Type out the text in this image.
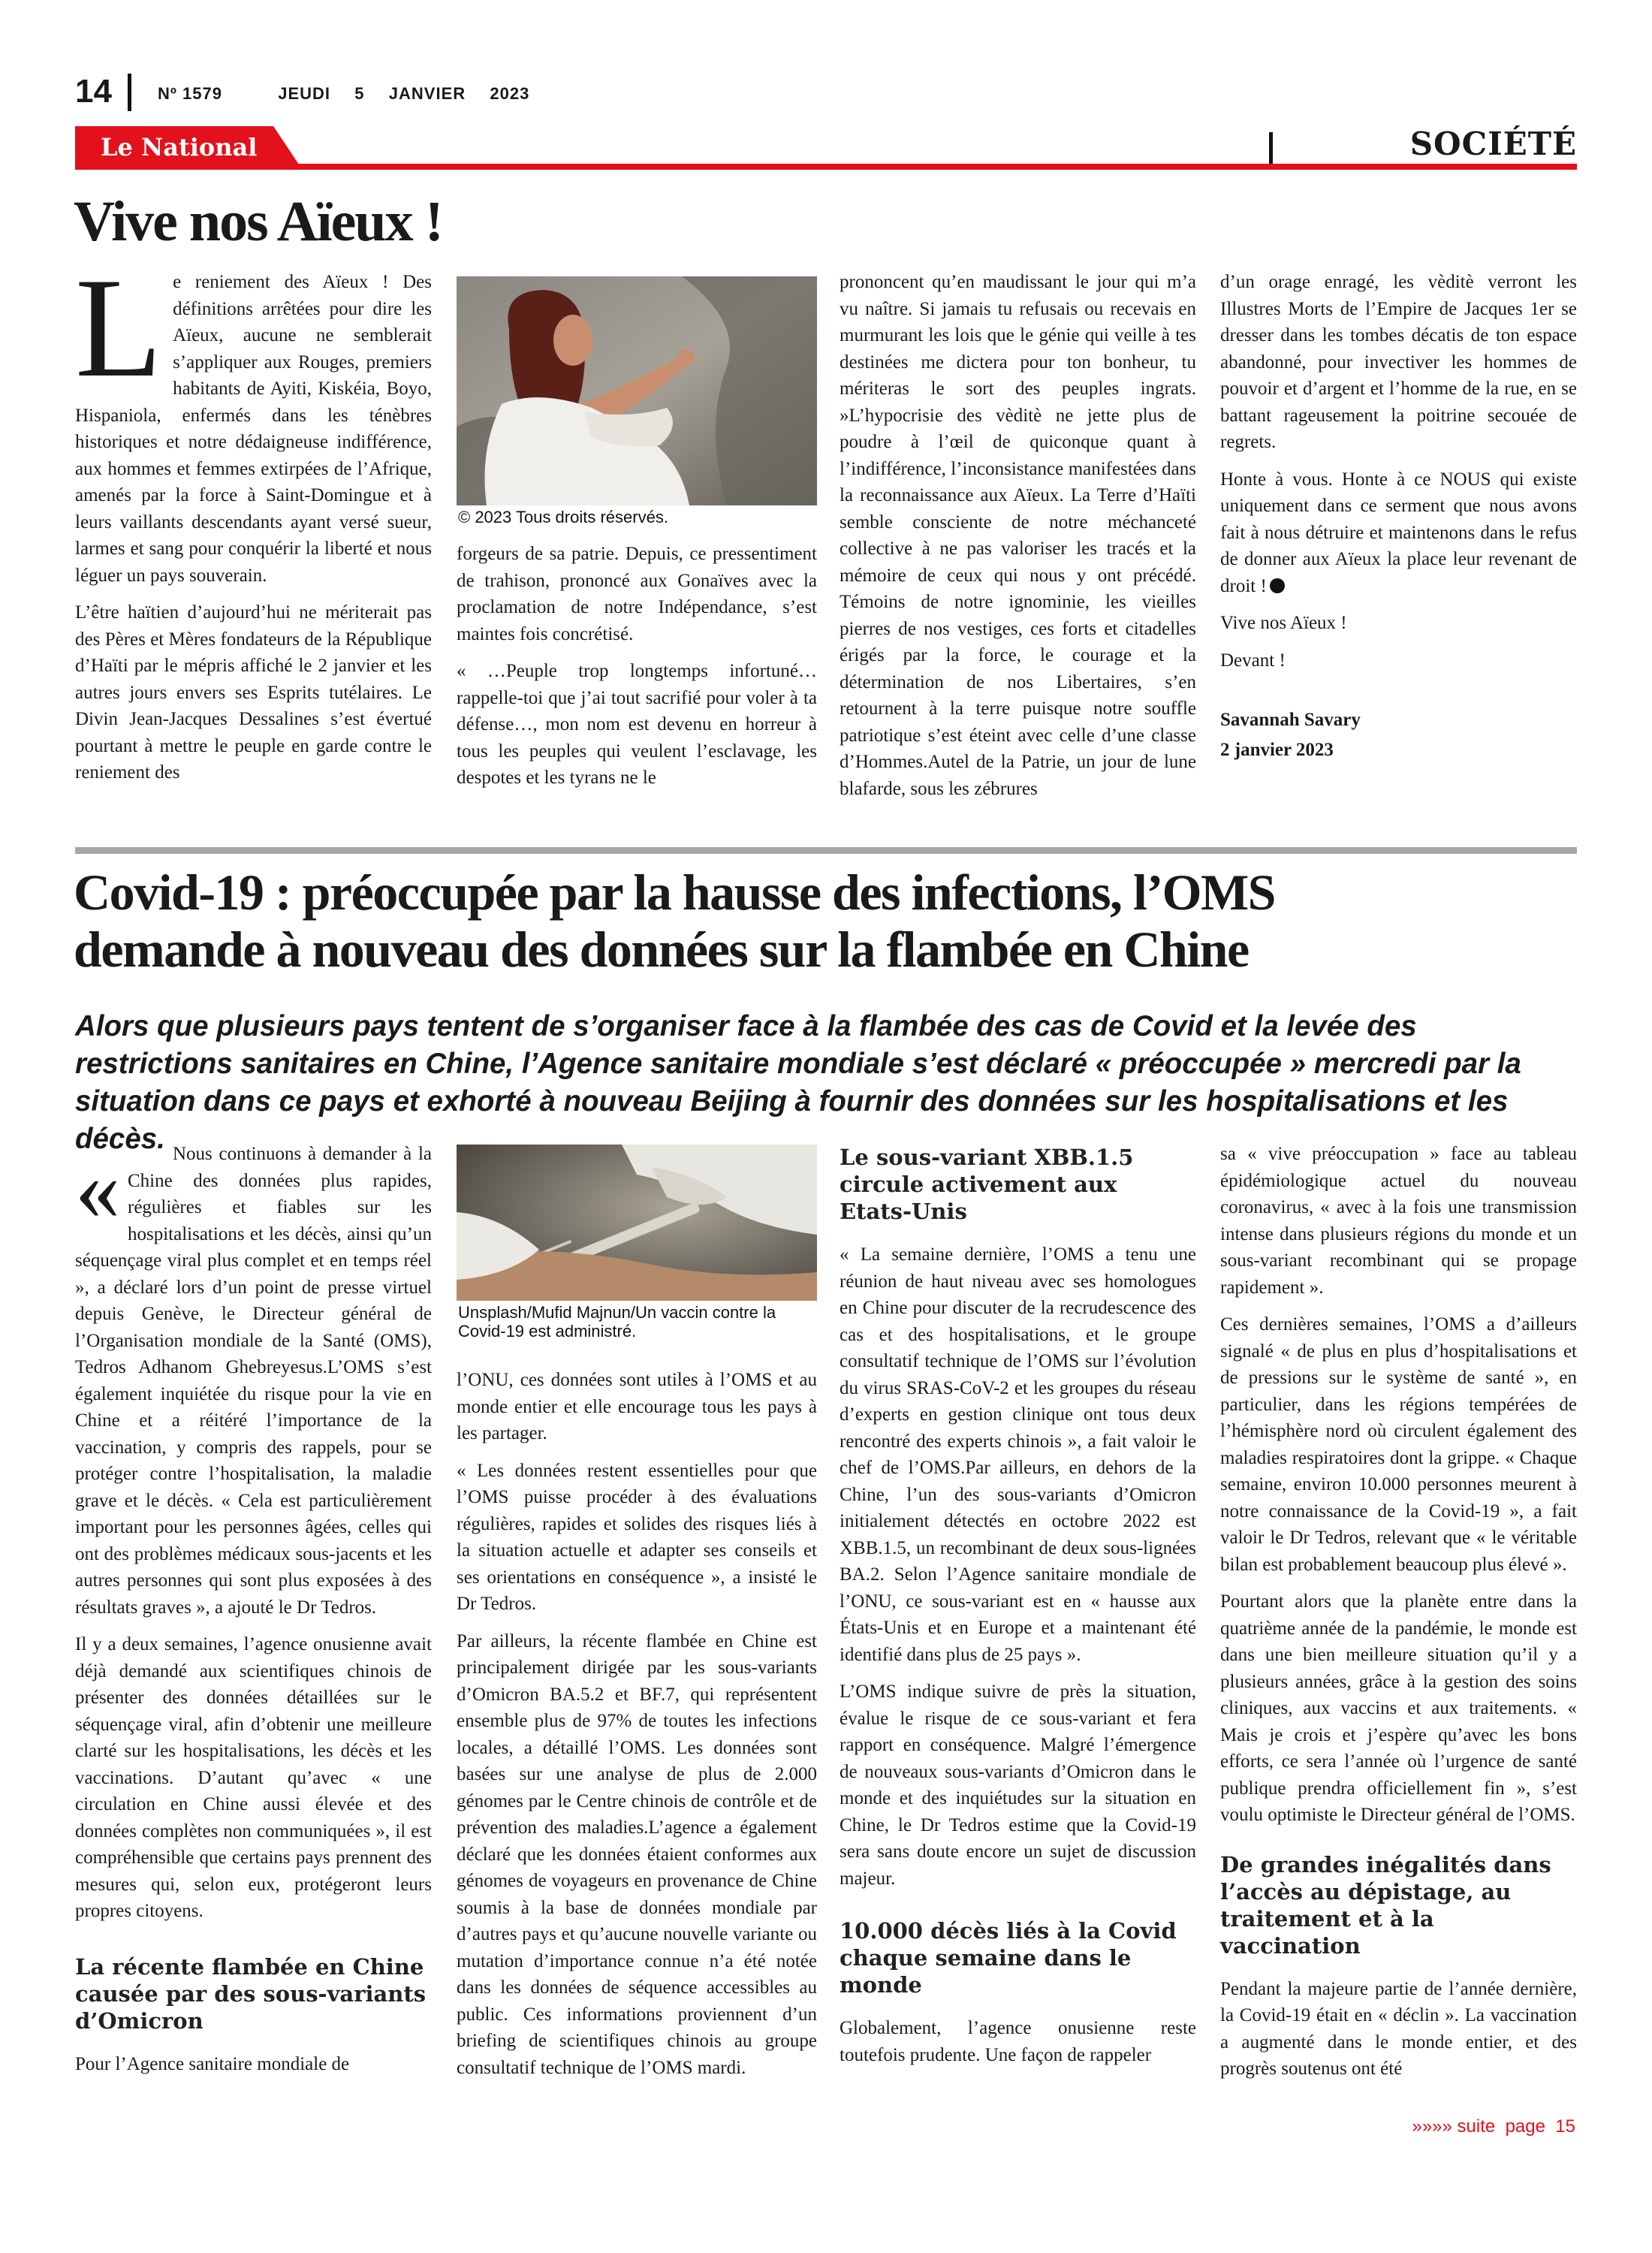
14	Nº 1579	JEUDI 5 JANVIER 2023
Le National	SOCIÉTÉ
Vive nos Aïeux !
L e reniement des Aïeux ! Des définitions arrêtées pour dire les Aïeux, aucune ne semblerait s’appliquer aux Rouges, premiers habitants de Ayiti, Kiskéia, Boyo, Hispaniola, enfermés dans les ténèbres historiques et notre dédaigneuse indifférence, aux hommes et femmes extirpées de l’Afrique, amenés par la force à Saint-Domingue et à leurs vaillants descendants ayant versé sueur, larmes et sang pour conquérir la liberté et nous léguer un pays souverain.

L’être haïtien d’aujourd’hui ne mériterait pas des Pères et Mères fondateurs de la République d’Haïti par le mépris affiché le 2 janvier et les autres jours envers ses Esprits tutélaires. Le Divin Jean-Jacques Dessalines s’est évertué pourtant à mettre le peuple en garde contre le reniement des

© 2023 Tous droits réservés.

forgeurs de sa patrie. Depuis, ce pressentiment de trahison, prononcé aux Gonaïves avec la proclamation de notre Indépendance, s’est maintes fois concrétisé.

« …Peuple trop longtemps infortuné… rappelle-toi que j’ai tout sacrifié pour voler à ta défense…, mon nom est devenu en horreur à tous les peuples qui veulent l’esclavage, les despotes et les tyrans ne le

prononcent qu’en maudissant le jour qui m’a vu naître. Si jamais tu refusais ou recevais en murmurant les lois que le génie qui veille à tes destinées me dictera pour ton bonheur, tu mériteras le sort des peuples ingrats. »L’hypocrisie des vèditè ne jette plus de poudre à l’œil de quiconque quant à l’indifférence, l’inconsistance manifestées dans la reconnaissance aux Aïeux. La Terre d’Haïti semble consciente de notre méchanceté collective à ne pas valoriser les tracés et la mémoire de ceux qui nous y ont précédé. Témoins de notre ignominie, les vieilles pierres de nos vestiges, ces forts et citadelles érigés par la force, le courage et la détermination de nos Libertaires, s’en retournent à la terre puisque notre souffle patriotique s’est éteint avec celle d’une classe d’Hommes.Autel de la Patrie, un jour de lune blafarde, sous les zébrures

d’un orage enragé, les vèditè verront les Illustres Morts de l’Empire de Jacques 1er se dresser dans les tombes décatis de ton espace abandonné, pour invectiver les hommes de pouvoir et d’argent et l’homme de la rue, en se battant rageusement la poitrine secouée de regrets.

Honte à vous. Honte à ce NOUS qui existe uniquement dans ce serment que nous avons fait à nous détruire et maintenons dans le refus de donner aux Aïeux la place leur revenant de droit !

Vive nos Aïeux !

Devant !

Savannah Savary

2 janvier 2023

Covid-19 : préoccupée par la hausse des infections, l’OMS
demande à nouveau des données sur la flambée en Chine
Alors que plusieurs pays tentent de s’organiser face à la flambée des cas de Covid et la levée des restrictions sanitaires en Chine, l’Agence sanitaire mondiale s’est déclaré « préoccupée » mercredi par la situation dans ce pays et exhorté à nouveau Beijing à fournir des données sur les hospitalisations et les décès.
«	Nous continuons à demander à la Chine des données plus rapides, régulières et fiables sur les hospitalisations et les décès, ainsi qu’un séquençage viral plus complet et en temps réel », a déclaré lors d’un point de presse virtuel depuis Genève, le Directeur général de l’Organisation mondiale de la Santé (OMS), Tedros Adhanom Ghebreyesus.L’OMS s’est également inquiétée du risque pour la vie en Chine et a réitéré l’importance de la vaccination, y compris des rappels, pour se protéger contre l’hospitalisation, la maladie grave et le décès. « Cela est particulièrement important pour les personnes âgées, celles qui ont des problèmes médicaux sous-jacents et les autres personnes qui sont plus exposées à des résultats graves », a ajouté le Dr Tedros.

Il y a deux semaines, l’agence onusienne avait déjà demandé aux scientifiques chinois de présenter des données détaillées sur le séquençage viral, afin d’obtenir une meilleure clarté sur les hospitalisations, les décès et les vaccinations. D’autant qu’avec « une circulation en Chine aussi élevée et des données complètes non communiquées », il est compréhensible que certains pays prennent des mesures qui, selon eux, protégeront leurs propres citoyens.

La récente flambée en Chine causée par des sous-variants d’Omicron

Pour l’Agence sanitaire mondiale de

Unsplash/Mufid Majnun/Un vaccin contre la Covid-19 est administré.

l’ONU, ces données sont utiles à l’OMS et au monde entier et elle encourage tous les pays à les partager.

« Les données restent essentielles pour que l’OMS puisse procéder à des évaluations régulières, rapides et solides des risques liés à la situation actuelle et adapter ses conseils et ses orientations en conséquence », a insisté le Dr Tedros.

Par ailleurs, la récente flambée en Chine est principalement dirigée par les sous-variants d’Omicron BA.5.2 et BF.7, qui représentent ensemble plus de 97% de toutes les infections locales, a détaillé l’OMS. Les données sont basées sur une analyse de plus de 2.000 génomes par le Centre chinois de contrôle et de prévention des maladies.L’agence a également déclaré que les données étaient conformes aux génomes de voyageurs en provenance de Chine soumis à la base de données mondiale par d’autres pays et qu’aucune nouvelle variante ou mutation d’importance connue n’a été notée dans les données de séquence accessibles au public. Ces informations proviennent d’un briefing de scientifiques chinois au groupe consultatif technique de l’OMS mardi.

Le sous-variant XBB.1.5 circule activement aux Etats-Unis

« La semaine dernière, l’OMS a tenu une réunion de haut niveau avec ses homologues en Chine pour discuter de la recrudescence des cas et des hospitalisations, et le groupe consultatif technique de l’OMS sur l’évolution du virus SRAS-CoV-2 et les groupes du réseau d’experts en gestion clinique ont tous deux rencontré des experts chinois », a fait valoir le chef de l’OMS.Par ailleurs, en dehors de la Chine, l’un des sous-variants d’Omicron initialement détectés en octobre 2022 est XBB.1.5, un recombinant de deux sous-lignées BA.2. Selon l’Agence sanitaire mondiale de l’ONU, ce sous-variant est en « hausse aux États-Unis et en Europe et a maintenant été identifié dans plus de 25 pays ».

L’OMS indique suivre de près la situation, évalue le risque de ce sous-variant et fera rapport en conséquence. Malgré l’émergence de nouveaux sous-variants d’Omicron dans le monde et des inquiétudes sur la situation en Chine, le Dr Tedros estime que la Covid-19 sera sans doute encore un sujet de discussion majeur.

10.000 décès liés à la Covid chaque semaine dans le monde

Globalement, l’agence onusienne reste toutefois prudente. Une façon de rappeler

sa « vive préoccupation » face au tableau épidémiologique actuel du nouveau coronavirus, « avec à la fois une transmission intense dans plusieurs régions du monde et un sous-variant recombinant qui se propage rapidement ».

Ces dernières semaines, l’OMS a d’ailleurs signalé « de plus en plus d’hospitalisations et de pressions sur le système de santé », en particulier, dans les régions tempérées de l’hémisphère nord où circulent également des maladies respiratoires dont la grippe. « Chaque semaine, environ 10.000 personnes meurent à notre connaissance de la Covid-19 », a fait valoir le Dr Tedros, relevant que « le véritable bilan est probablement beaucoup plus élevé ».

Pourtant alors que la planète entre dans la quatrième année de la pandémie, le monde est dans une bien meilleure situation qu’il y a plusieurs années, grâce à la gestion des soins cliniques, aux vaccins et aux traitements. « Mais je crois et j’espère qu’avec les bons efforts, ce sera l’année où l’urgence de santé publique prendra officiellement fin », s’est voulu optimiste le Directeur général de l’OMS.

De grandes inégalités dans l’accès au dépistage, au traitement et à la vaccination

Pendant la majeure partie de l’année dernière, la Covid-19 était en « déclin ». La vaccination a augmenté dans le monde entier, et des progrès soutenus ont été

»»»» suite  page  15
